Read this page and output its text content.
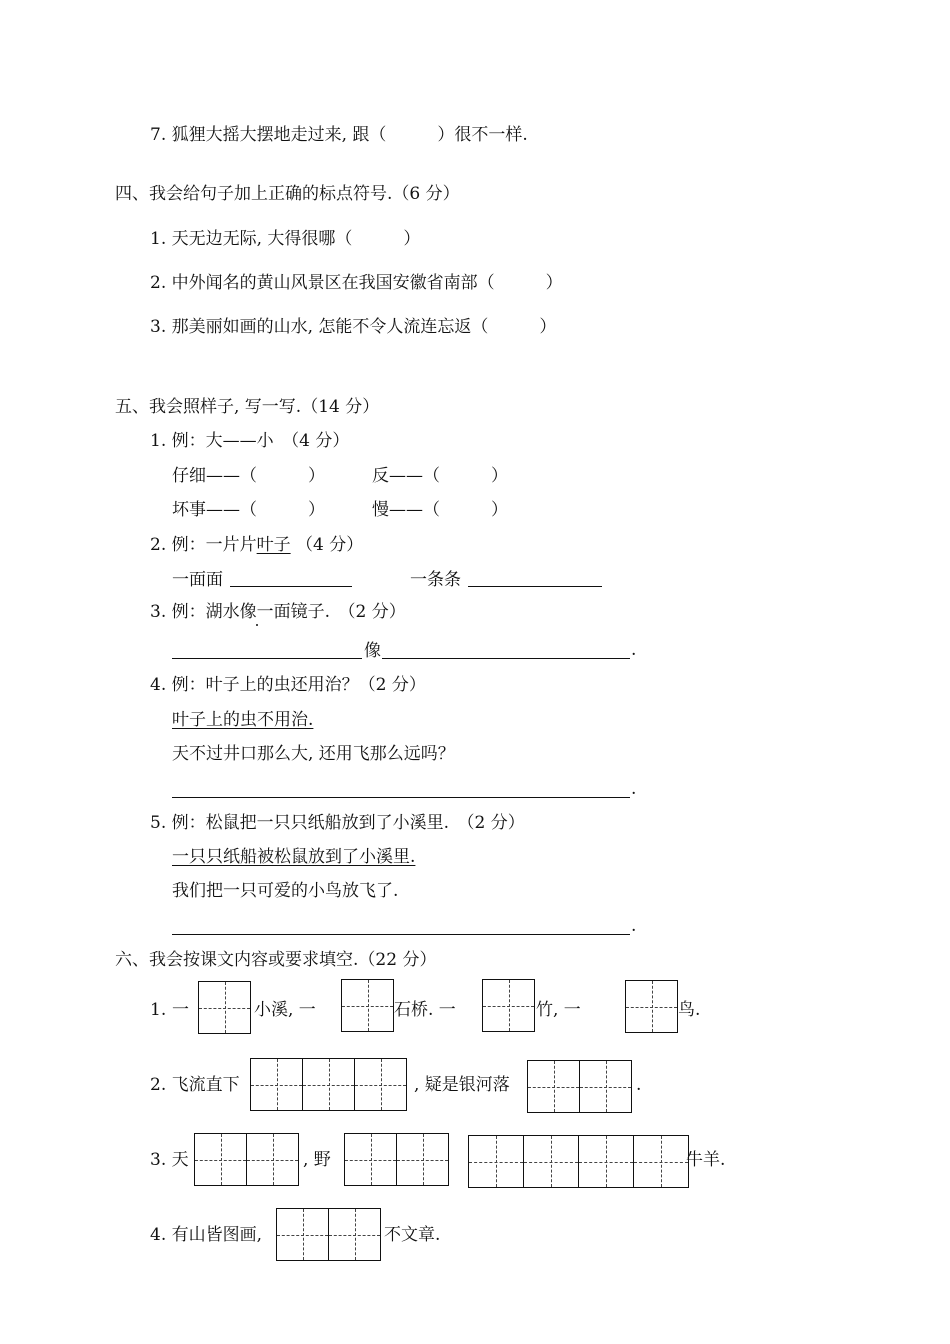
7. 狐狸大摇大摆地走过来, 跟（　　　）很不一样.
四、我会给句子加上正确的标点符号.（6 分）
1. 天无边无际, 大得很哪（　　　）
2. 中外闻名的黄山风景区在我国安徽省南部（　　　）
3. 那美丽如画的山水, 怎能不令人流连忘返（　　　）
五、我会照样子, 写一写.（14 分）
1. 例：大——小　（4 分）
仔细——（　　　）	反——（　　　）
坏事——（　　　）	慢——（　　　）
2. 例：一片片叶子 （4 分）
一面面	一条条
3. 例：湖水像一面镜子.　（2 分）
像	.
4. 例：叶子上的虫还用治？（2 分）
叶子上的虫不用治.
天不过井口那么大, 还用飞那么远吗？
.
5. 例：松鼠把一只只纸船放到了小溪里.　（2 分）
一只只纸船被松鼠放到了小溪里.
我们把一只可爱的小鸟放飞了.
.
六、我会按课文内容或要求填空.（22 分）
1. 一	小溪, 一	石桥. 一	竹, 一	鸟.
2. 飞流直下	, 疑是银河落	.
3. 天	, 野	牛羊.
4. 有山皆图画,	不文章.
